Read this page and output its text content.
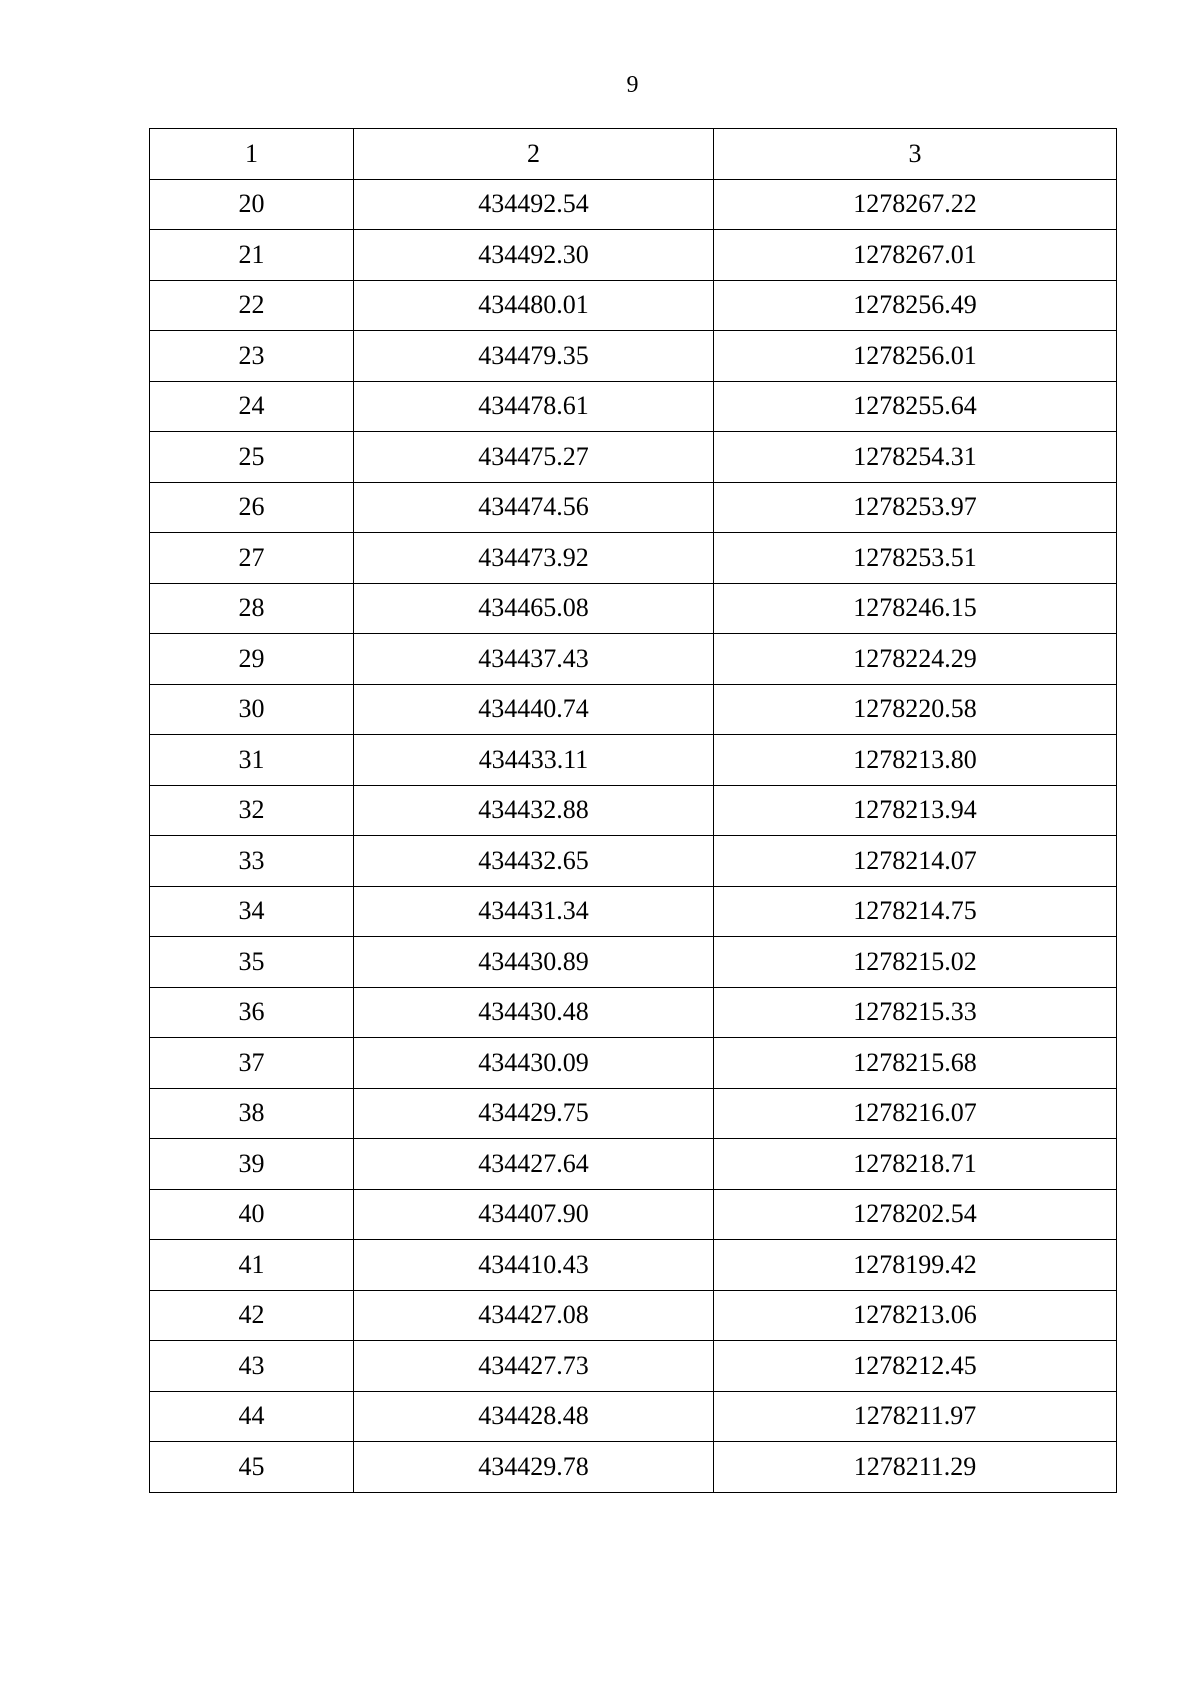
9
1	2	3
20	434492.54	1278267.22
21	434492.30	1278267.01
22	434480.01	1278256.49
23	434479.35	1278256.01
24	434478.61	1278255.64
25	434475.27	1278254.31
26	434474.56	1278253.97
27	434473.92	1278253.51
28	434465.08	1278246.15
29	434437.43	1278224.29
30	434440.74	1278220.58
31	434433.11	1278213.80
32	434432.88	1278213.94
33	434432.65	1278214.07
34	434431.34	1278214.75
35	434430.89	1278215.02
36	434430.48	1278215.33
37	434430.09	1278215.68
38	434429.75	1278216.07
39	434427.64	1278218.71
40	434407.90	1278202.54
41	434410.43	1278199.42
42	434427.08	1278213.06
43	434427.73	1278212.45
44	434428.48	1278211.97
45	434429.78	1278211.29
